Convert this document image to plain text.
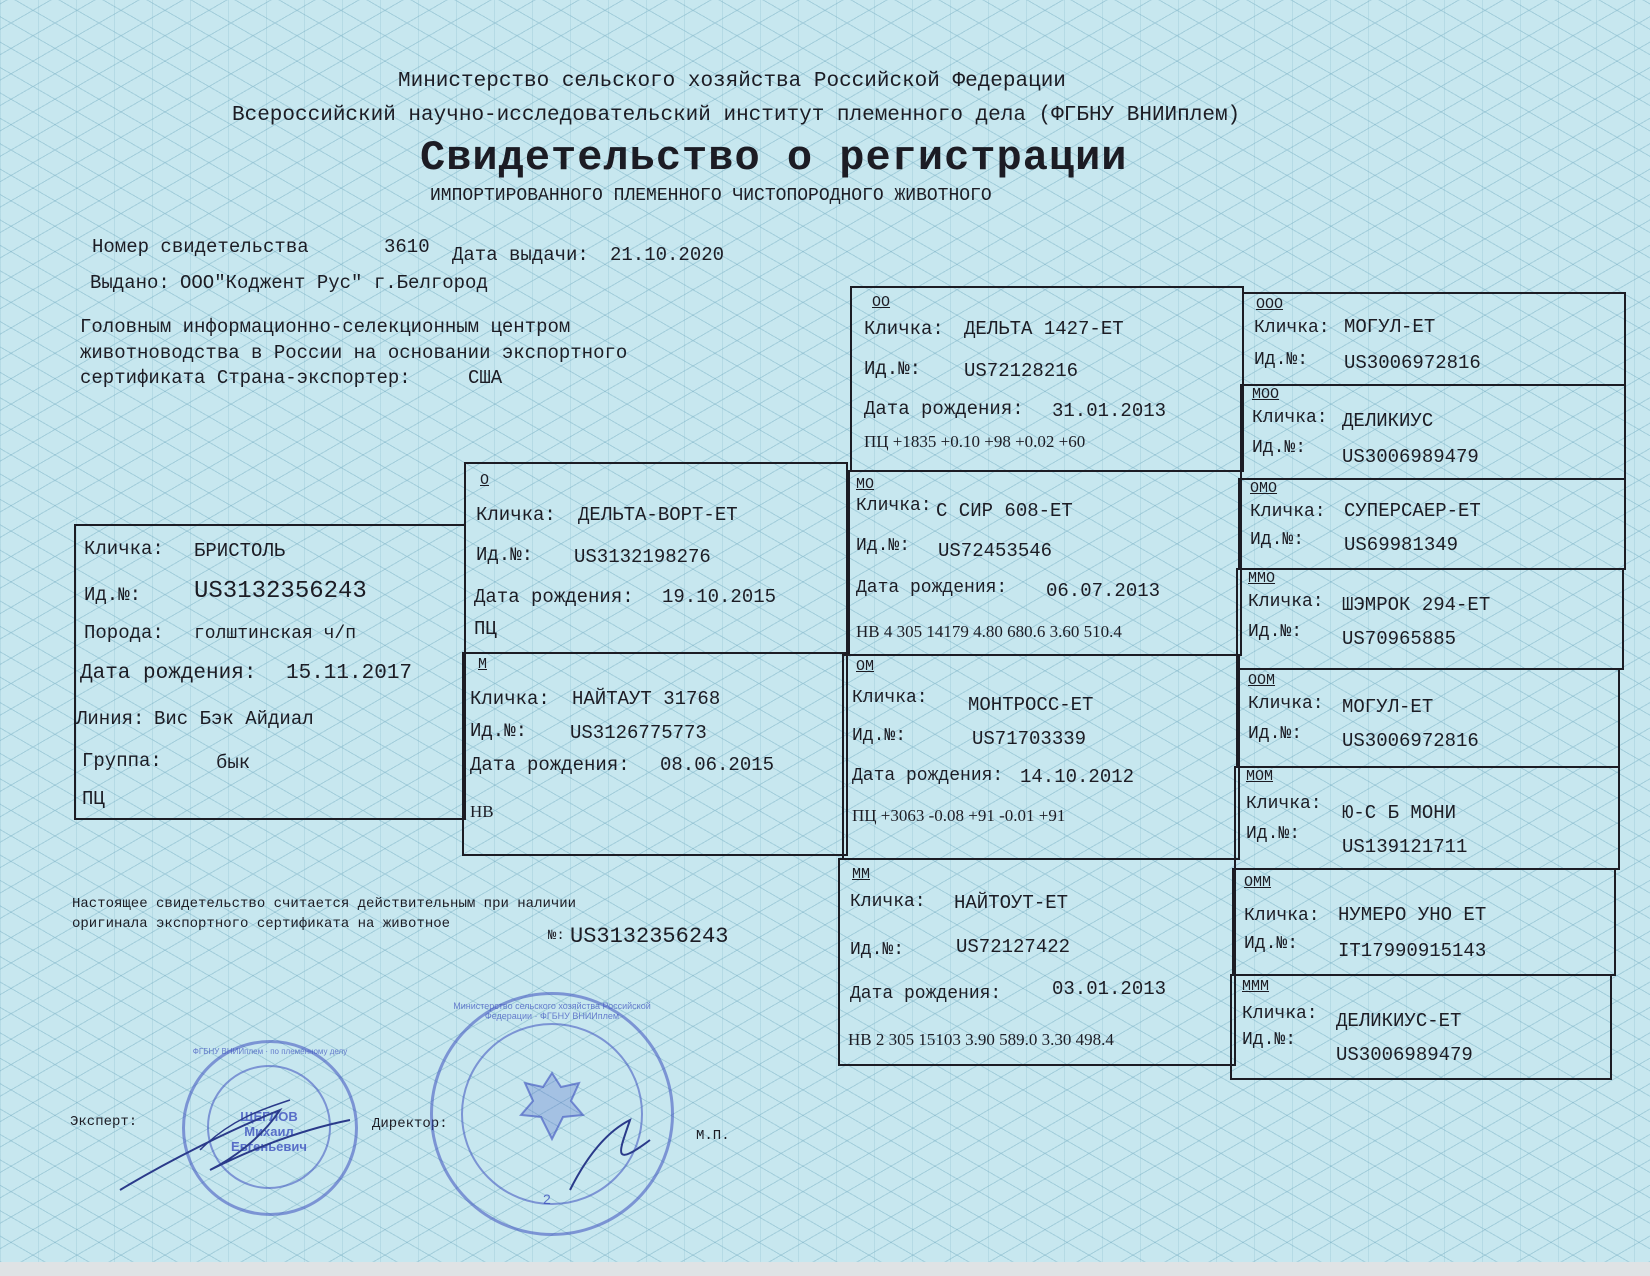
Министерство сельского хозяйства Российской Федерации
Всероссийский научно-исследовательский институт племенного дела (ФГБНУ ВНИИплем)
Свидетельство о регистрации
ИМПОРТИРОВАННОГО ПЛЕМЕННОГО ЧИСТОПОРОДНОГО ЖИВОТНОГО
Номер свидетельства	3610 Дата выдачи: 21.10.2020
Выдано: ООО"Коджент Рус" г.Белгород
Головным информационно-селекционным центром
животноводства в России на основании экспортного
сертификата Страна-экспортер:	США
Кличка: БРИСТОЛЬ
Ид.№: US3132356243
Порода: голштинская ч/п
Дата рождения: 15.11.2017
Линия: Вис Бэк Айдиал
Группа:	бык
ПЦ
О
Кличка: ДЕЛЬТА-ВОРТ-ЕТ
Ид.№: US3132198276
Дата рождения: 19.10.2015
ПЦ
М
Кличка: НАЙТАУТ 31768
Ид.№: US3126775773
Дата рождения: 08.06.2015
НВ
ОО
Кличка: ДЕЛЬТА 1427-ЕТ
Ид.№: US72128216
Дата рождения: 31.01.2013
ПЦ +1835 +0.10 +98 +0.02 +60
МО
Кличка: С СИР 608-ЕТ
Ид.№: US72453546
Дата рождения: 06.07.2013
НВ 4 305 14179 4.80 680.6 3.60 510.4
ОМ
Кличка: МОНТРОСС-ЕТ
Ид.№:	US71703339
Дата рождения: 14.10.2012
ПЦ +3063 -0.08 +91 -0.01 +91
ММ
Кличка: НАЙТОУТ-ЕТ
Ид.№:	US72127422
Дата рождения:	03.01.2013
НВ 2 305 15103 3.90 589.0 3.30 498.4
ООО
Кличка: МОГУЛ-ЕТ
Ид.№: US3006972816
МОО
Кличка: ДЕЛИКИУС
Ид.№: US3006989479
ОМО
Кличка: СУПЕРСАЕР-ЕТ
Ид.№: US69981349
ММО
Кличка: ШЭМРОК 294-ЕТ
Ид.№: US70965885
ООМ
Кличка: МОГУЛ-ЕТ
Ид.№: US3006972816
МОМ
Кличка: Ю-С Б МОНИ
Ид.№:
US139121711
ОММ
Кличка: НУМЕРО УНО ЕТ
Ид.№: IT17990915143
МММ
Кличка: ДЕЛИКИУС-ЕТ
Ид.№:
US3006989479
Настоящее свидетельство считается действительным при наличии
оригинала экспортного сертификата на животное
№: US3132356243
Эксперт:	Директор:
М.П.
ФГБНУ ВНИИплем · по племенному делу
ЩЕГЛОВ Михаил Евгеньевич
Министерство сельского хозяйства Российской Федерации · ФГБНУ ВНИИплем
2
